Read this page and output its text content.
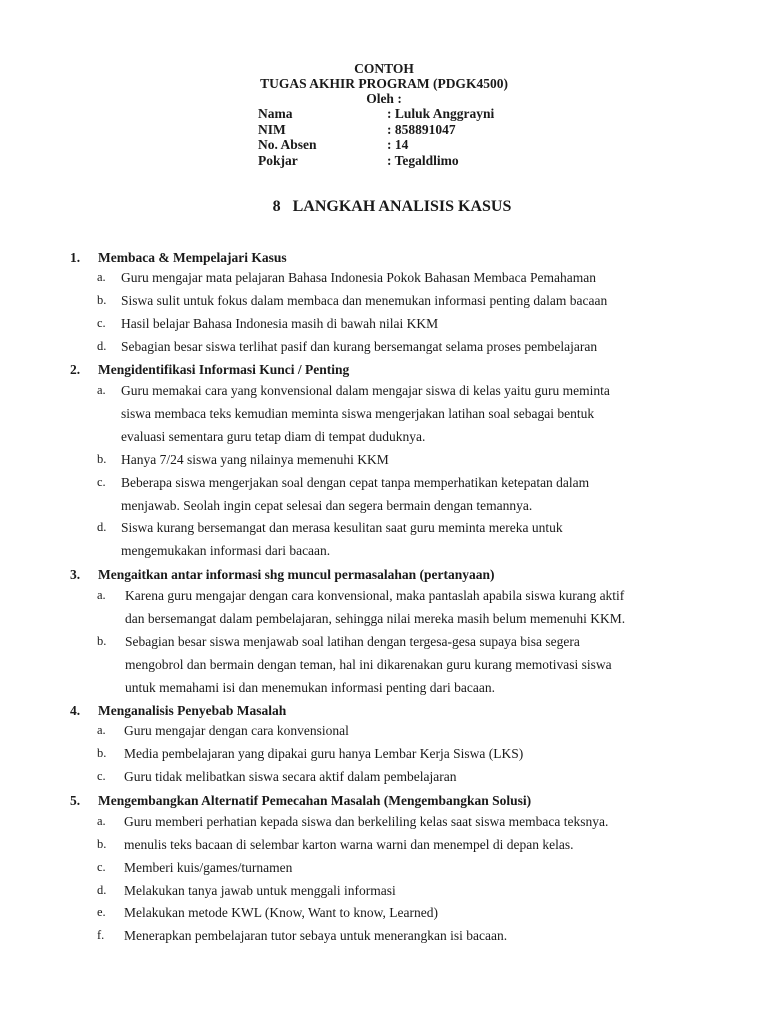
CONTOH
TUGAS AKHIR PROGRAM (PDGK4500)
Oleh :
Nama	: Luluk Anggrayni
NIM	: 858891047
No. Absen	: 14
Pokjar	: Tegaldlimo
8 LANGKAH ANALISIS KASUS
1. Membaca & Mempelajari Kasus
a. Guru mengajar mata pelajaran Bahasa Indonesia Pokok Bahasan Membaca Pemahaman
b. Siswa sulit untuk fokus dalam membaca dan menemukan informasi penting dalam bacaan
c. Hasil belajar Bahasa Indonesia masih di bawah nilai KKM
d. Sebagian besar siswa terlihat pasif dan kurang bersemangat selama proses pembelajaran
2. Mengidentifikasi Informasi Kunci / Penting
a. Guru memakai cara yang konvensional dalam mengajar siswa di kelas yaitu guru meminta
siswa membaca teks kemudian meminta siswa mengerjakan latihan soal sebagai bentuk
evaluasi sementara guru tetap diam di tempat duduknya.
b. Hanya 7/24 siswa yang nilainya memenuhi KKM
c. Beberapa siswa mengerjakan soal dengan cepat tanpa memperhatikan ketepatan dalam
menjawab. Seolah ingin cepat selesai dan segera bermain dengan temannya.
d. Siswa kurang bersemangat dan merasa kesulitan saat guru meminta mereka untuk
mengemukakan informasi dari bacaan.
3. Mengaitkan antar informasi shg muncul permasalahan (pertanyaan)
a. Karena guru mengajar dengan cara konvensional, maka pantaslah apabila siswa kurang aktif
dan bersemangat dalam pembelajaran, sehingga nilai mereka masih belum memenuhi KKM.
b. Sebagian besar siswa menjawab soal latihan dengan tergesa-gesa supaya bisa segera
mengobrol dan bermain dengan teman, hal ini dikarenakan guru kurang memotivasi siswa
untuk memahami isi dan menemukan informasi penting dari bacaan.
4. Menganalisis Penyebab Masalah
a. Guru mengajar dengan cara konvensional
b. Media pembelajaran yang dipakai guru hanya Lembar Kerja Siswa (LKS)
c. Guru tidak melibatkan siswa secara aktif dalam pembelajaran
5. Mengembangkan Alternatif Pemecahan Masalah (Mengembangkan Solusi)
a. Guru memberi perhatian kepada siswa dan berkeliling kelas saat siswa membaca teksnya.
b. menulis teks bacaan di selembar karton warna warni dan menempel di depan kelas.
c. Memberi kuis/games/turnamen
d. Melakukan tanya jawab untuk menggali informasi
e. Melakukan metode KWL (Know, Want to know, Learned)
f. Menerapkan pembelajaran tutor sebaya untuk menerangkan isi bacaan.
